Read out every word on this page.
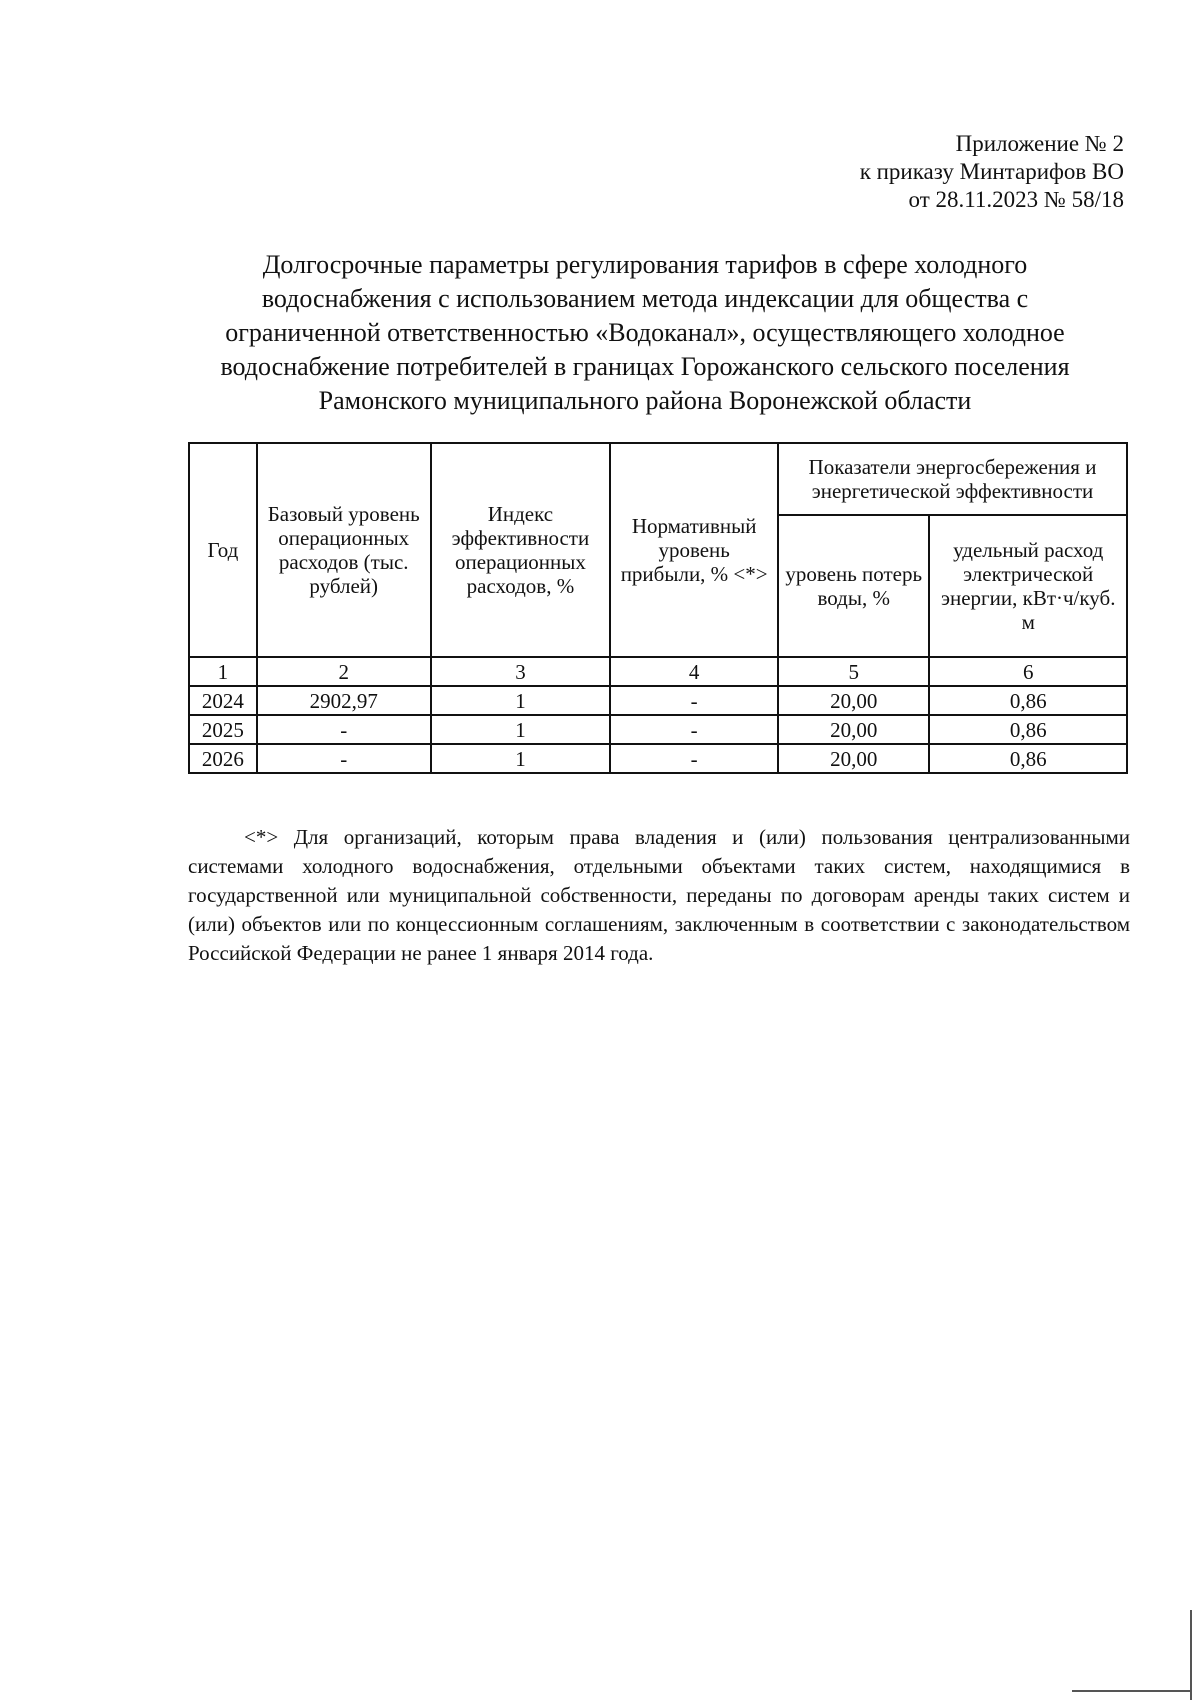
Приложение № 2
к приказу Минтарифов ВО
от 28.11.2023 № 58/18
Долгосрочные параметры регулирования тарифов в сфере холодного
водоснабжения с использованием метода индексации для общества с
ограниченной ответственностью «Водоканал», осуществляющего холодное
водоснабжение потребителей в границах Горожанского сельского поселения
Рамонского муниципального района Воронежской области
Год	Базовый уровень операционных расходов (тыс. рублей)	Индекс эффективности операционных расходов, %	Нормативный уровень прибыли, % <*>	Показатели энергосбережения и энергетической эффективности	
				уровень потерь воды, %	удельный расход электрической энергии, кВт·ч/куб. м
1	2	3	4	5	6
2024	2902,97	1	-	20,00	0,86
2025	-	1	-	20,00	0,86
2026	-	1	-	20,00	0,86
<*> Для организаций, которым права владения и (или) пользования централизованными системами холодного водоснабжения, отдельными объектами таких систем, находящимися в государственной или муниципальной собственности, переданы по договорам аренды таких систем и (или) объектов или по концессионным соглашениям, заключенным в соответствии с законодательством Российской Федерации не ранее 1 января 2014 года.
